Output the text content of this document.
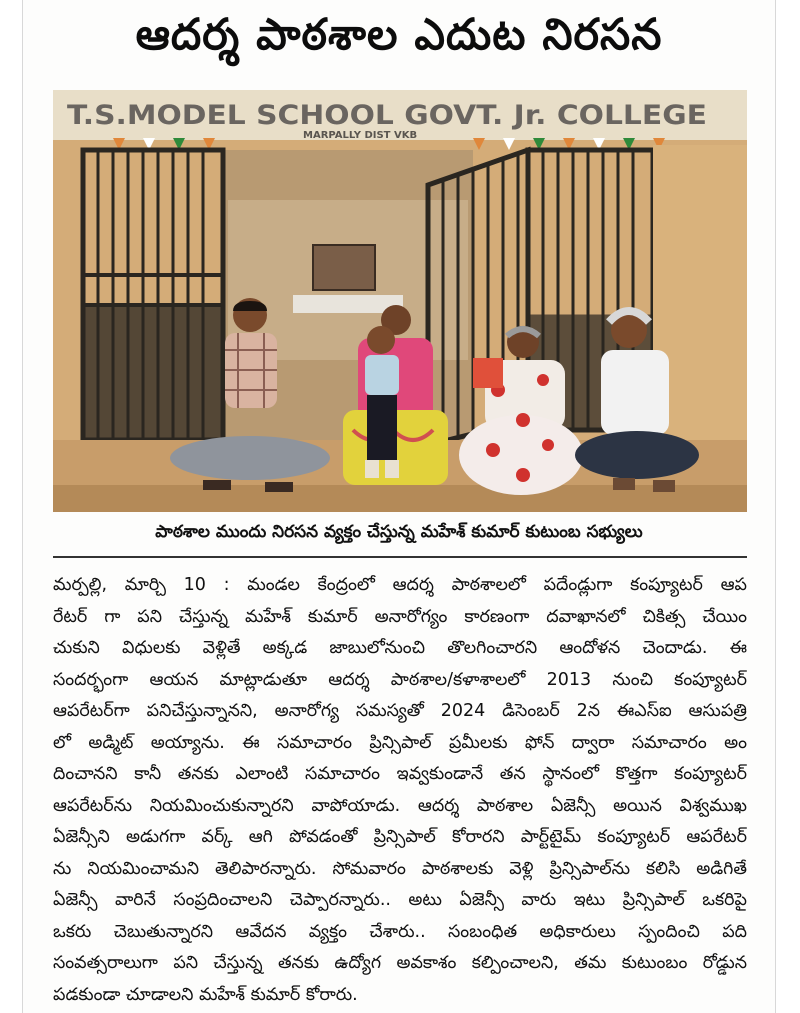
ఆదర్శ పాఠశాల ఎదుట నిరసన
T.S.MODEL SCHOOL GOVT. Jr. COLLEGE
MARPALLY DIST VKB
పాఠశాల ముందు నిరసన వ్యక్తం చేస్తున్న మహేశ్ కుమార్ కుటుంబ సభ్యులు

మర్పల్లి, మార్చి 10 : మండల కేంద్రంలో ఆదర్శ పాఠశాలలో పదేండ్లుగా కంప్యూటర్ ఆప
రేటర్ గా పని చేస్తున్న మహేశ్ కుమార్ అనారోగ్యం కారణంగా దవాఖానలో చికిత్స చేయిం
చుకుని విధులకు వెళ్లితే అక్కడ జాబులోనుంచి తొలగించారని ఆందోళన చెందాడు. ఈ
సందర్భంగా ఆయన మాట్లాడుతూ ఆదర్శ పాఠశాల/కళాశాలలో 2013 నుంచి కంప్యూటర్
ఆపరేటర్‌గా పనిచేస్తున్నానని, అనారోగ్య సమస్యతో 2024 డిసెంబర్ 2న ఈఎస్ఐ ఆసుపత్రి
లో అడ్మిట్ అయ్యాను. ఈ సమాచారం ప్రిన్సిపాల్ ప్రమీలకు ఫోన్ ద్వారా సమాచారం అం
దించానని కానీ తనకు ఎలాంటి సమాచారం ఇవ్వకుండానే తన స్థానంలో కొత్తగా కంప్యూటర్
ఆపరేటర్‌ను నియమించుకున్నారని వాపోయాడు. ఆదర్శ పాఠశాల ఏజెన్సీ అయిన విశ్వముఖ
ఏజెన్సీని అడుగగా వర్క్ ఆగి పోవడంతో ప్రిన్సిపాల్ కోరారని పార్ట్‌టైమ్ కంప్యూటర్ ఆపరేటర్
ను నియమించామని తెలిపారన్నారు. సోమవారం పాఠశాలకు వెళ్లి ప్రిన్సిపాల్‌ను కలిసి అడిగితే
ఏజెన్సీ వారినే సంప్రదించాలని చెప్పారన్నారు.. అటు ఏజెన్సీ వారు ఇటు ప్రిన్సిపాల్ ఒకరిపై
ఒకరు చెబుతున్నారని ఆవేదన వ్యక్తం చేశారు.. సంబంధిత అధికారులు స్పందించి పది
సంవత్సరాలుగా పని చేస్తున్న తనకు ఉద్యోగ అవకాశం కల్పించాలని, తమ కుటుంబం రోడ్డున
పడకుండా చూడాలని మహేశ్ కుమార్ కోరారు.
